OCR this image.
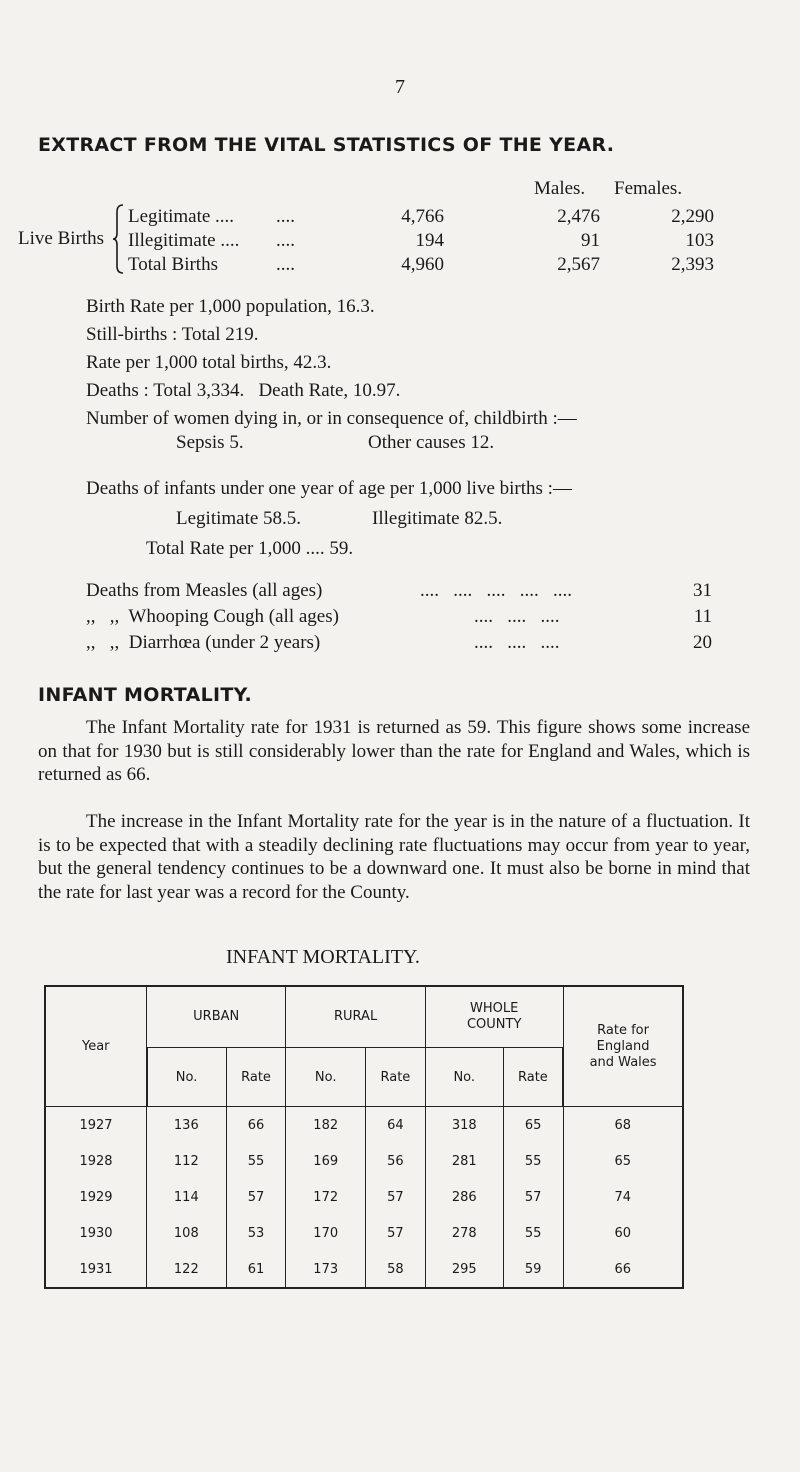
7
EXTRACT FROM THE VITAL STATISTICS OF THE YEAR.
Males. Females.
Live Births
Legitimate .... ....	4,766	2,476	2,290
Illegitimate .... ....	194	91	103
Total Births	....	4,960	2,567	2,393
Birth Rate per 1,000 population, 16.3.
Still-births : Total 219.
Rate per 1,000 total births, 42.3.
Deaths : Total 3,334.   Death Rate, 10.97.
Number of women dying in, or in consequence of, childbirth :—
Sepsis 5.	Other causes 12.
Deaths of infants under one year of age per 1,000 live births :—
Legitimate 58.5.	Illegitimate 82.5.
Total Rate per 1,000 .... 59.
Deaths from Measles (all ages)	....   ....   ....   ....   ....	31
,,   ,,  Whooping Cough (all ages)	....   ....   ....	11
,,   ,,  Diarrhœa (under 2 years)	....   ....   ....	20
INFANT MORTALITY.
The Infant Mortality rate for 1931 is returned as 59. This figure shows some increase on that for 1930 but is still considerably lower than the rate for England and Wales, which is returned as 66.
The increase in the Infant Mortality rate for the year is in the nature of a fluctuation. It is to be expected that with a steadily declining rate fluctuations may occur from year to year, but the general tendency continues to be a downward one. It must also be borne in mind that the rate for last year was a record for the County.
INFANT MORTALITY.
Year	URBAN		RURAL		WHOLE COUNTY		Rate for England and Wales
	No.	Rate	No.	Rate	No.	Rate	
1927	136	66	182	64	318	65	68
1928	112	55	169	56	281	55	65
1929	114	57	172	57	286	57	74
1930	108	53	170	57	278	55	60
1931	122	61	173	58	295	59	66
